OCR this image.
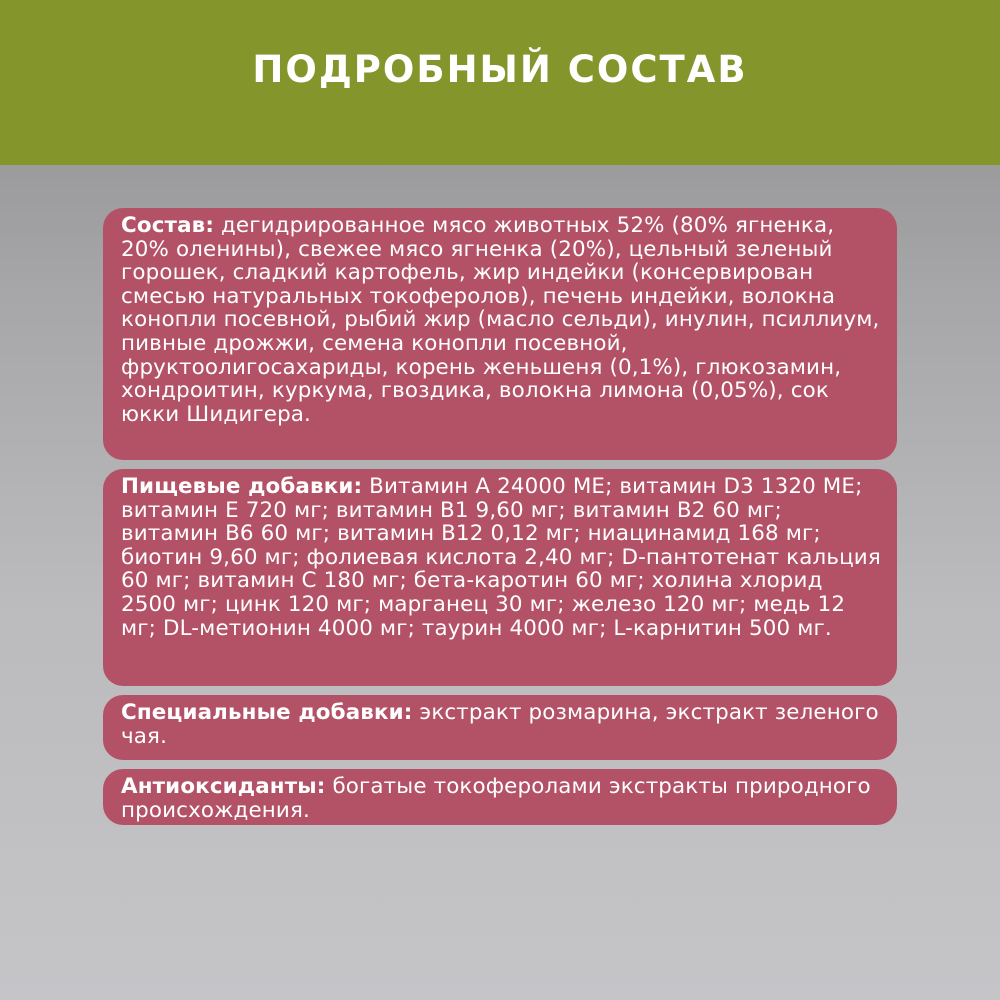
ПОДРОБНЫЙ СОСТАВ
Состав: дегидрированное мясо животных 52% (80% ягненка, 20% оленины), свежее мясо ягненка (20%), цельный зеленый горошек, сладкий картофель, жир индейки (консервирован смесью натуральных токоферолов), печень индейки, волокна конопли посевной, рыбий жир (масло сельди), инулин, псиллиум, пивные дрожжи, семена конопли посевной, фруктоолигосахариды, корень женьшеня (0,1%), глюкозамин, хондроитин, куркума, гвоздика, волокна лимона (0,05%), сок юкки Шидигера.
Пищевые добавки: Витамин А 24000 МЕ; витамин D3 1320 МЕ; витамин Е 720 мг; витамин В1 9,60 мг; витамин В2 60 мг; витамин В6 60 мг; витамин В12 0,12 мг; ниацинамид 168 мг; биотин 9,60 мг; фолиевая кислота 2,40 мг; D-пантотенат кальция 60 мг; витамин С 180 мг; бета-каротин 60 мг; холина хлорид 2500 мг; цинк 120 мг; марганец 30 мг; железо 120 мг; медь 12 мг; DL-метионин 4000 мг; таурин 4000 мг; L-карнитин 500 мг.
Специальные добавки: экстракт розмарина, экстракт зеленого чая.
Антиоксиданты: богатые токоферолами экстракты природного происхождения.
